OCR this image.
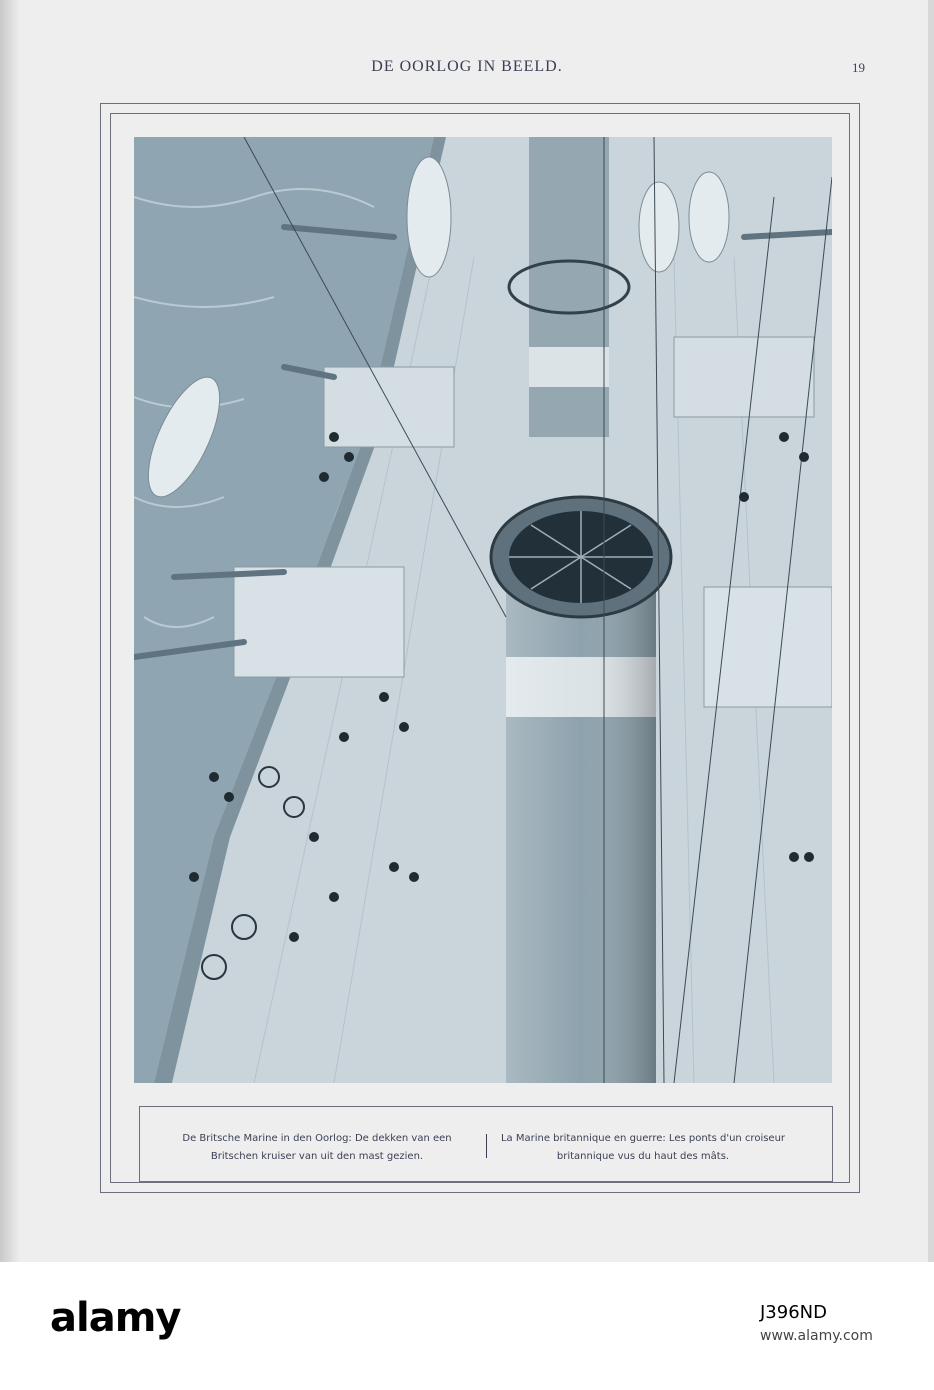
DE OORLOG IN BEELD.	19
De Britsche Marine in den Oorlog: De dekken van een
Britschen kruiser van uit den mast gezien.
La Marine britannique en guerre: Les ponts d'un croiseur
britannique vus du haut des mâts.
alamy	J396ND
www.alamy.com
